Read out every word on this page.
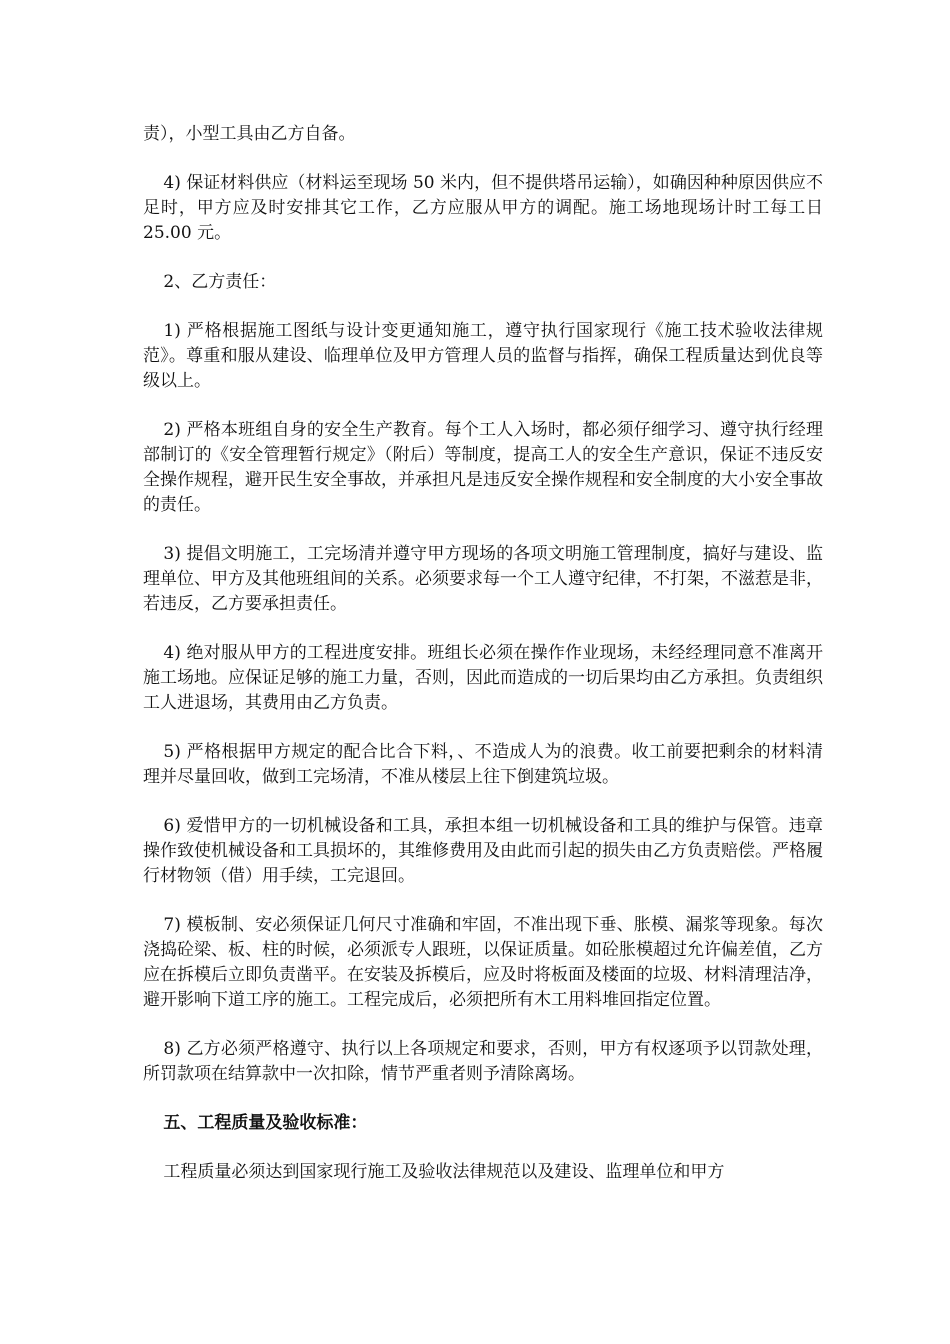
责），小型工具由乙方自备。

4) 保证材料供应（材料运至现场 50 米内，但不提供塔吊运输），如确因种种原因供应不足时，甲方应及时安排其它工作，乙方应服从甲方的调配。施工场地现场计时工每工日 25.00 元。

2、乙方责任：

1) 严格根据施工图纸与设计变更通知施工，遵守执行国家现行《施工技术验收法律规范》。尊重和服从建设、临理单位及甲方管理人员的监督与指挥，确保工程质量达到优良等级以上。

2) 严格本班组自身的安全生产教育。每个工人入场时，都必须仔细学习、遵守执行经理部制订的《安全管理暂行规定》（附后）等制度，提高工人的安全生产意识，保证不违反安全操作规程，避开民生安全事故，并承担凡是违反安全操作规程和安全制度的大小安全事故的责任。

3) 提倡文明施工，工完场清并遵守甲方现场的各项文明施工管理制度，搞好与建设、监理单位、甲方及其他班组间的关系。必须要求每一个工人遵守纪律，不打架，不滋惹是非，若违反，乙方要承担责任。

4) 绝对服从甲方的工程进度安排。班组长必须在操作作业现场，未经经理同意不准离开施工场地。应保证足够的施工力量，否则，因此而造成的一切后果均由乙方承担。负责组织工人进退场，其费用由乙方负责。

5) 严格根据甲方规定的配合比合下料，、不造成人为的浪费。收工前要把剩余的材料清理并尽量回收，做到工完场清，不准从楼层上往下倒建筑垃圾。

6) 爱惜甲方的一切机械设备和工具，承担本组一切机械设备和工具的维护与保管。违章操作致使机械设备和工具损坏的，其维修费用及由此而引起的损失由乙方负责赔偿。严格履行材物领（借）用手续，工完退回。

7) 模板制、安必须保证几何尺寸准确和牢固，不准出现下垂、胀模、漏浆等现象。每次浇捣砼梁、板、柱的时候，必须派专人跟班，以保证质量。如砼胀模超过允许偏差值，乙方应在拆模后立即负责凿平。在安装及拆模后，应及时将板面及楼面的垃圾、材料清理洁净，避开影响下道工序的施工。工程完成后，必须把所有木工用料堆回指定位置。

8) 乙方必须严格遵守、执行以上各项规定和要求，否则，甲方有权逐项予以罚款处理，所罚款项在结算款中一次扣除，情节严重者则予清除离场。

五、工程质量及验收标准：

工程质量必须达到国家现行施工及验收法律规范以及建设、监理单位和甲方
